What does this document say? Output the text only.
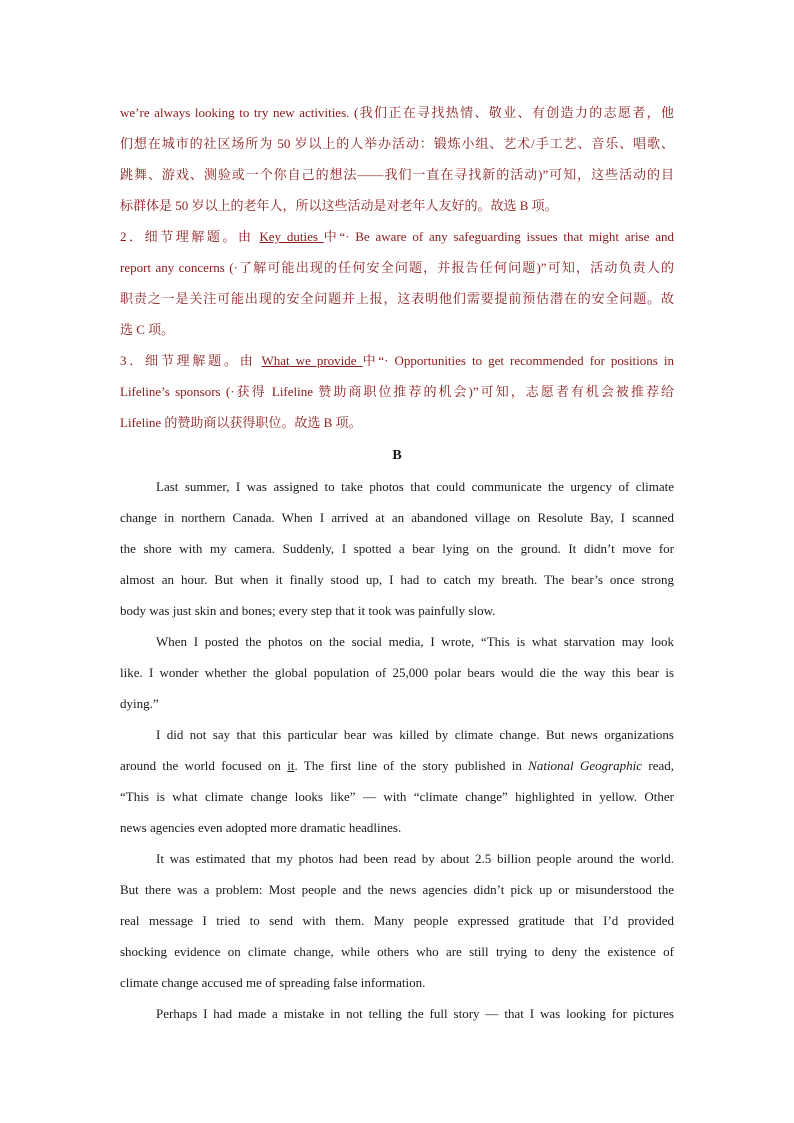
we’re always looking to try new activities. (我们正在寻找热情、敬业、有创造力的志愿者，他
们想在城市的社区场所为 50 岁以上的人举办活动：锻炼小组、艺术/手工艺、音乐、唱歌、
跳舞、游戏、测验或一个你自己的想法——我们一直在寻找新的活动)”可知，这些活动的目
标群体是 50 岁以上的老年人，所以这些活动是对老年人友好的。故选 B 项。
2．细节理解题。由 Key duties 中“· Be aware of any safeguarding issues that might arise and
report any concerns (·了解可能出现的任何安全问题，并报告任何问题)”可知，活动负责人的
职责之一是关注可能出现的安全问题并上报，这表明他们需要提前预估潜在的安全问题。故
选 C 项。
3．细节理解题。由 What we provide 中“· Opportunities to get recommended for positions in
Lifeline’s sponsors (·获得 Lifeline 赞助商职位推荐的机会)”可知，志愿者有机会被推荐给
Lifeline 的赞助商以获得职位。故选 B 项。
B
Last summer, I was assigned to take photos that could communicate the urgency of climate
change in northern Canada. When I arrived at an abandoned village on Resolute Bay, I scanned
the shore with my camera. Suddenly, I spotted a bear lying on the ground. It didn’t move for
almost an hour. But when it finally stood up, I had to catch my breath. The bear’s once strong
body was just skin and bones; every step that it took was painfully slow.
When I posted the photos on the social media, I wrote, “This is what starvation may look
like. I wonder whether the global population of 25,000 polar bears would die the way this bear is
dying.”
I did not say that this particular bear was killed by climate change. But news organizations
around the world focused on it. The first line of the story published in National Geographic read,
“This is what climate change looks like” — with “climate change” highlighted in yellow. Other
news agencies even adopted more dramatic headlines.
It was estimated that my photos had been read by about 2.5 billion people around the world.
But there was a problem: Most people and the news agencies didn’t pick up or misunderstood the
real message I tried to send with them. Many people expressed gratitude that I’d provided
shocking evidence on climate change, while others who are still trying to deny the existence of
climate change accused me of spreading false information.
Perhaps I had made a mistake in not telling the full story — that I was looking for pictures
